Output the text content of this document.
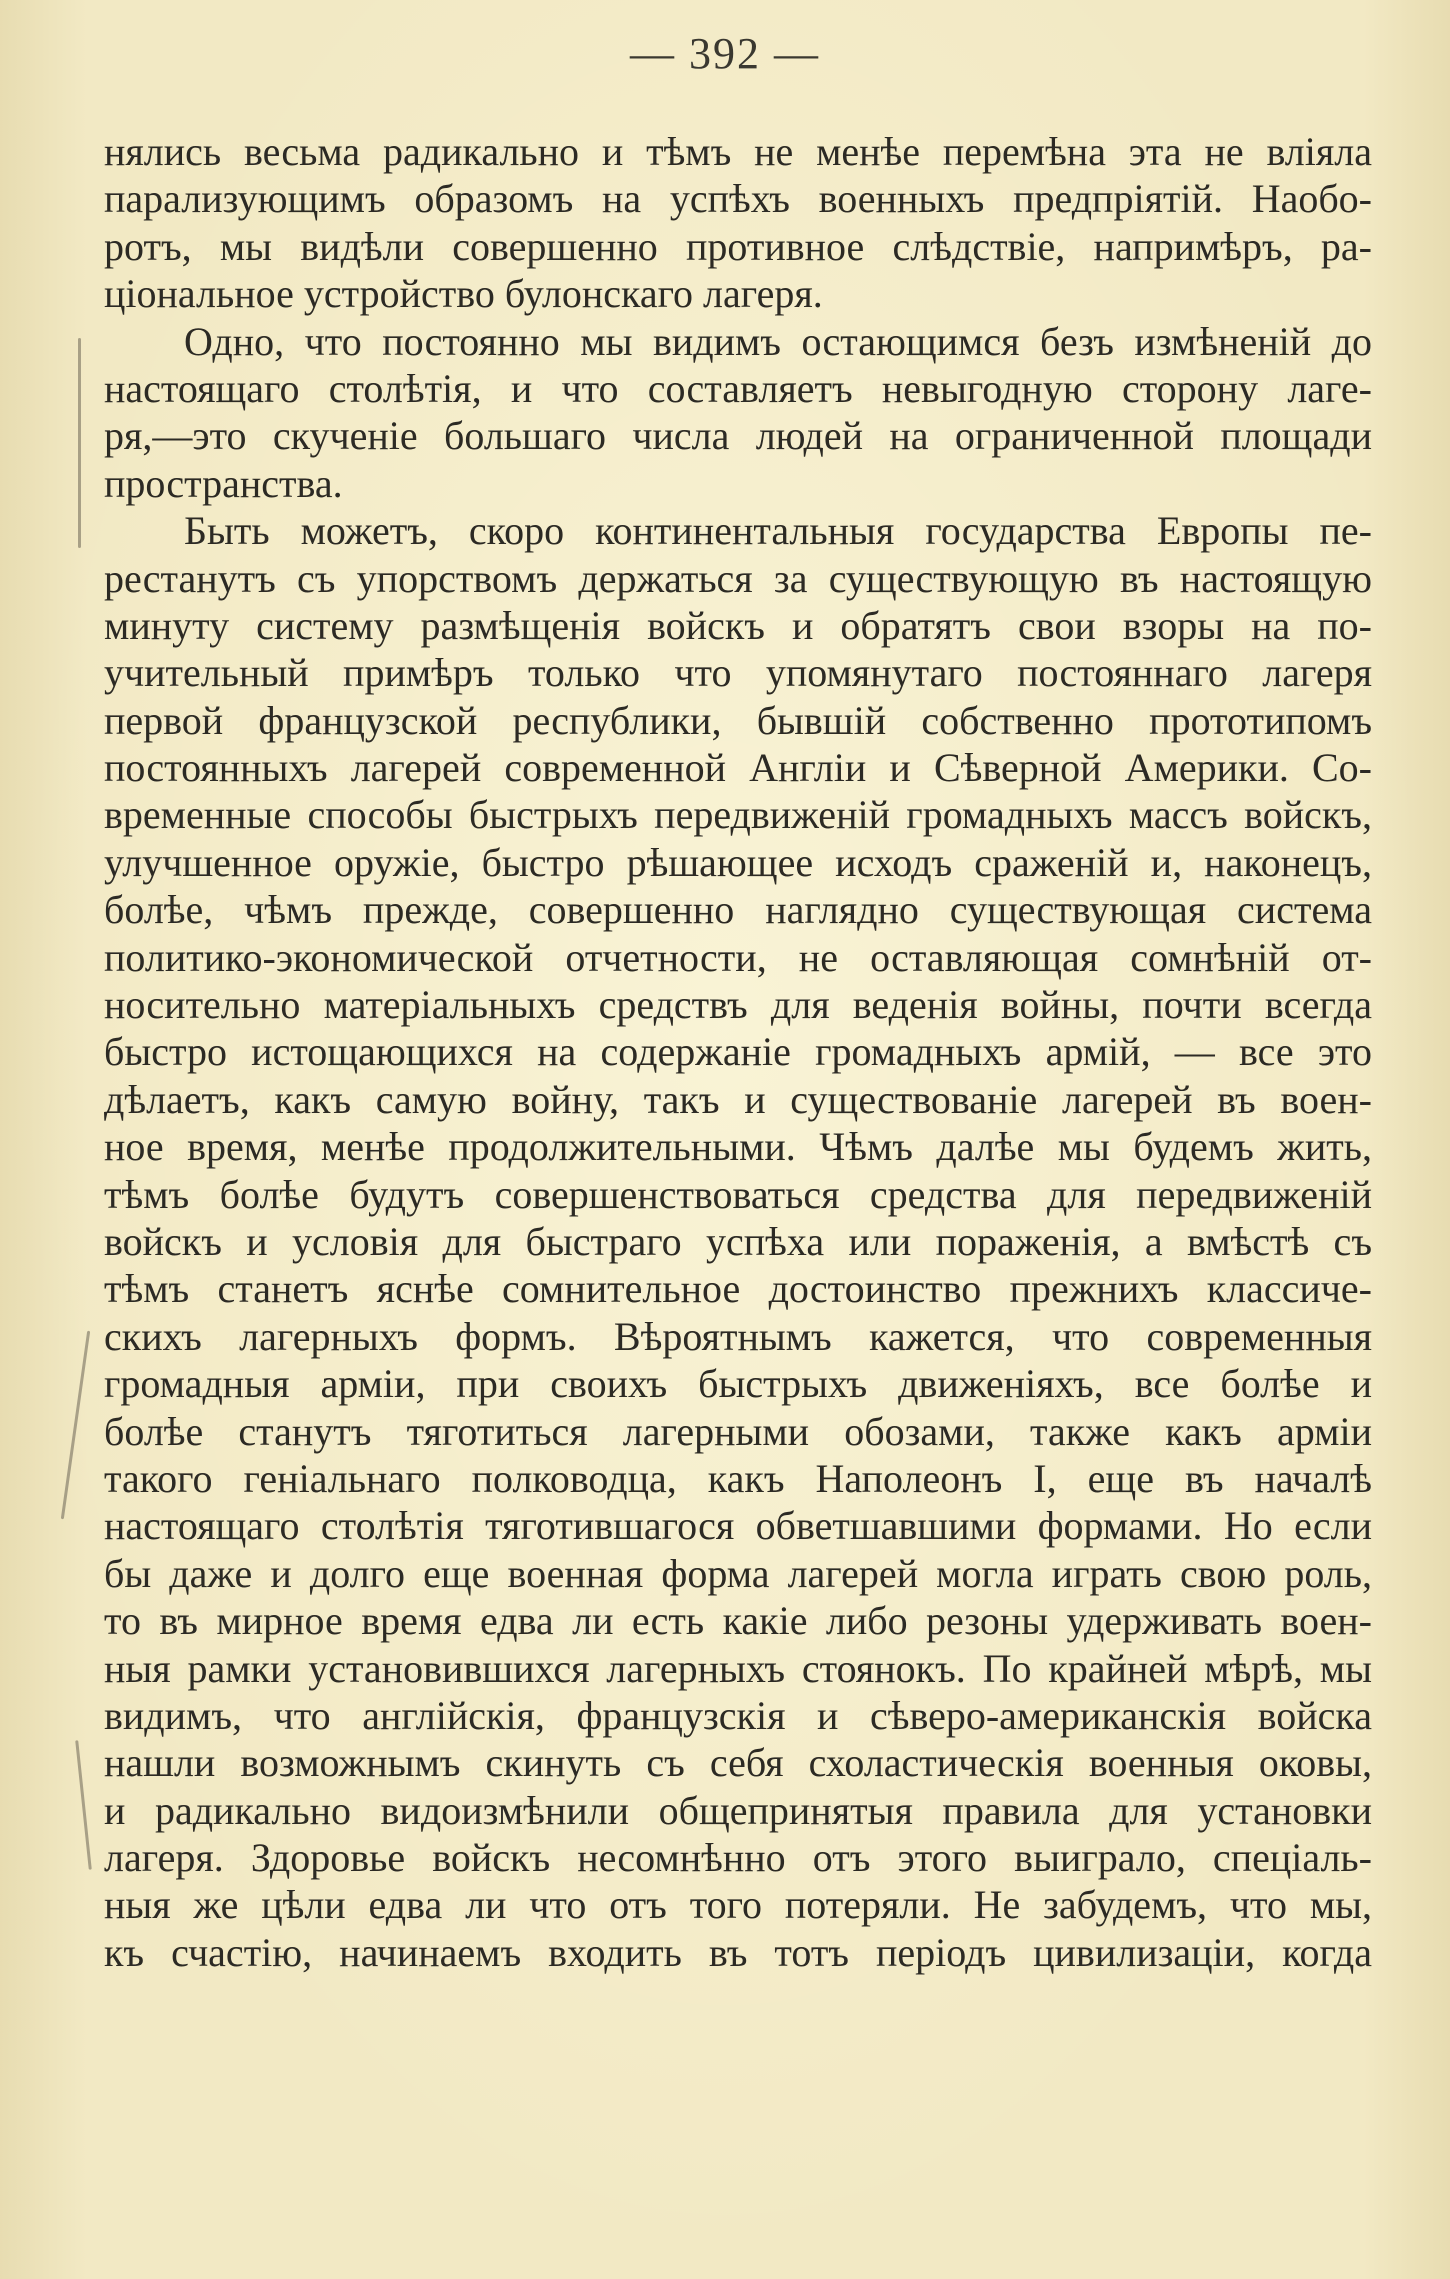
— 392 —
нялись весьма радикально и тѣмъ не менѣе перемѣна эта не вліяла
парализующимъ образомъ на успѣхъ военныхъ предпріятій. Наобо-
ротъ, мы видѣли совершенно противное слѣдствіе, напримѣръ, ра-
ціональное устройство булонскаго лагеря.
Одно, что постоянно мы видимъ остающимся безъ измѣненій до
настоящаго столѣтія, и что составляетъ невыгодную сторону лаге-
ря,—это скученіе большаго числа людей на ограниченной площади
пространства.
Быть можетъ, скоро континентальныя государства Европы пе-
рестанутъ съ упорствомъ держаться за существующую въ настоящую
минуту систему размѣщенія войскъ и обратятъ свои взоры на по-
учительный примѣръ только что упомянутаго постояннаго лагеря
первой французской республики, бывшій собственно прототипомъ
постоянныхъ лагерей современной Англіи и Сѣверной Америки. Со-
временные способы быстрыхъ передвиженій громадныхъ массъ войскъ,
улучшенное оружіе, быстро рѣшающее исходъ сраженій и, наконецъ,
болѣе, чѣмъ прежде, совершенно наглядно существующая система
политико-экономической отчетности, не оставляющая сомнѣній от-
носительно матеріальныхъ средствъ для веденія войны, почти всегда
быстро истощающихся на содержаніе громадныхъ армій, — все это
дѣлаетъ, какъ самую войну, такъ и существованіе лагерей въ воен-
ное время, менѣе продолжительными. Чѣмъ далѣе мы будемъ жить,
тѣмъ болѣе будутъ совершенствоваться средства для передвиженій
войскъ и условія для быстраго успѣха или пораженія, а вмѣстѣ съ
тѣмъ станетъ яснѣе сомнительное достоинство прежнихъ классиче-
скихъ лагерныхъ формъ. Вѣроятнымъ кажется, что современныя
громадныя арміи, при своихъ быстрыхъ движеніяхъ, все болѣе и
болѣе станутъ тяготиться лагерными обозами, также какъ арміи
такого геніальнаго полководца, какъ Наполеонъ I, еще въ началѣ
настоящаго столѣтія тяготившагося обветшавшими формами. Но если
бы даже и долго еще военная форма лагерей могла играть свою роль,
то въ мирное время едва ли есть какіе либо резоны удерживать воен-
ныя рамки установившихся лагерныхъ стоянокъ. По крайней мѣрѣ, мы
видимъ, что англійскія, французскія и сѣверо-американскія войска
нашли возможнымъ скинуть съ себя схоластическія военныя оковы,
и радикально видоизмѣнили общепринятыя правила для установки
лагеря. Здоровье войскъ несомнѣнно отъ этого выиграло, спеціаль-
ныя же цѣли едва ли что отъ того потеряли. Не забудемъ, что мы,
къ счастію, начинаемъ входить въ тотъ періодъ цивилизаціи, когда
